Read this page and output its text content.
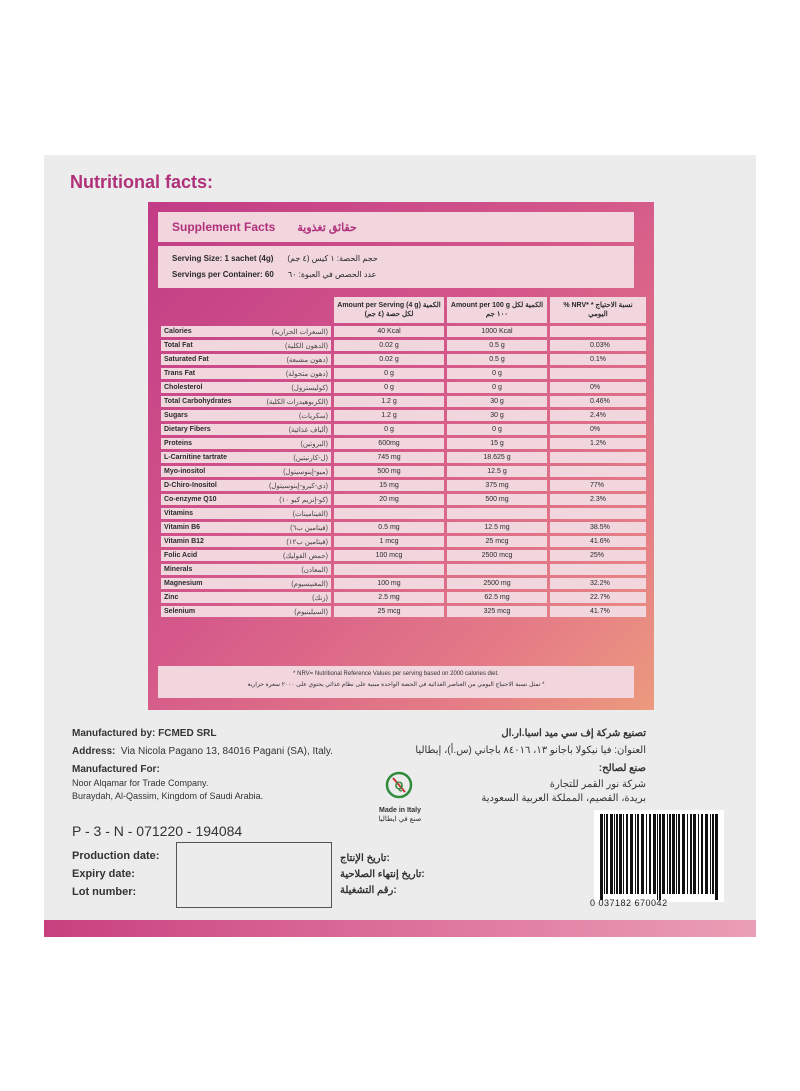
Nutritional facts:
Supplement Facts حقائق تغذوية
Serving Size: 1 sachet (4g) حجم الحصة: ١ كيس (٤ جم)
Servings per Container: 60 عدد الحصص في العبوة: ٦٠
	Amount per Serving (4 g) الكمية لكل حصة (٤ جم)	Amount per 100 g الكمية لكل ١٠٠ جم	% NRV* * نسبة الاحتياج اليومي
Calories (السعرات الحرارية)	40 Kcal	1000 Kcal	
Total Fat (الدهون الكلية)	0.02 g	0.5 g	0.03%
Saturated Fat (دهون مشبعة)	0.02 g	0.5 g	0.1%
Trans Fat (دهون متحولة)	0 g	0 g	
Cholesterol (كوليسترول)	0 g	0 g	0%
Total Carbohydrates (الكربوهيدرات الكلية)	1.2 g	30 g	0.46%
Sugars (سكريات)	1.2 g	30 g	2.4%
Dietary Fibers (ألياف غذائية)	0 g	0 g	0%
Proteins (البروتين)	600mg	15 g	1.2%
L-Carnitine tartrate (ل-كارنيتين)	745 mg	18.625 g	
Myo-inositol (ميو-إينوسيتول)	500 mg	12.5 g	
D-Chiro-Inositol (دي-كيرو-إينوسيتول)	15 mg	375 mg	77%
Co-enzyme Q10 (كو-إنزيم كيو ١٠)	20 mg	500 mg	2.3%
Vitamins (الفيتامينات)			

Vitamin B6 (فيتامين ب٦)	0.5 mg	12.5 mg	38.5%
Vitamin B12 (فيتامين ب١٢)	1 mcg	25 mcg	41.6%
Folic Acid (حمض الفوليك)	100 mcg	2500 mcg	25%
Minerals (المعادن)			

Magnesium (المغنيسيوم)	100 mg	2500 mg	32.2%
Zinc (زنك)	2.5 mg	62.5 mg	22.7%
Selenium (السيلينيوم)	25 mcg	325 mcg	41.7%
* NRV= Nutritional Reference Values per serving based on 2000 calories diet.
* تمثل نسبة الاحتياج اليومي من العناصر الغذائية في الحصة الواحدة مبنية على نظام غذائي يحتوي على ٢٠٠٠ سعرة حرارية
Manufactured by: FCMED SRL
Address: Via Nicola Pagano 13, 84016 Pagani (SA), Italy.
Manufactured For:
Noor Alqamar for Trade Company.
Buraydah, Al-Qassim, Kingdom of Saudi Arabia.
تصنيع شركة إف سي ميد اسبا.ار.ال
العنوان: فيا نيكولا باجانو ١٣، ٨٤٠١٦ باجاني (س.أ)، إيطاليا
صنع لصالح:
شركة نور القمر للتجارة
بريدة، القصيم، المملكة العربية السعودية
Q
Made in Italy
صنع في ايطاليا
P - 3 - N - 071220 - 194084
Production date:
Expiry date:
Lot number:
تاريخ الإنتاج:
تاريخ إنتهاء الصلاحية:
رقم التشغيلة:
0 037182 670042
